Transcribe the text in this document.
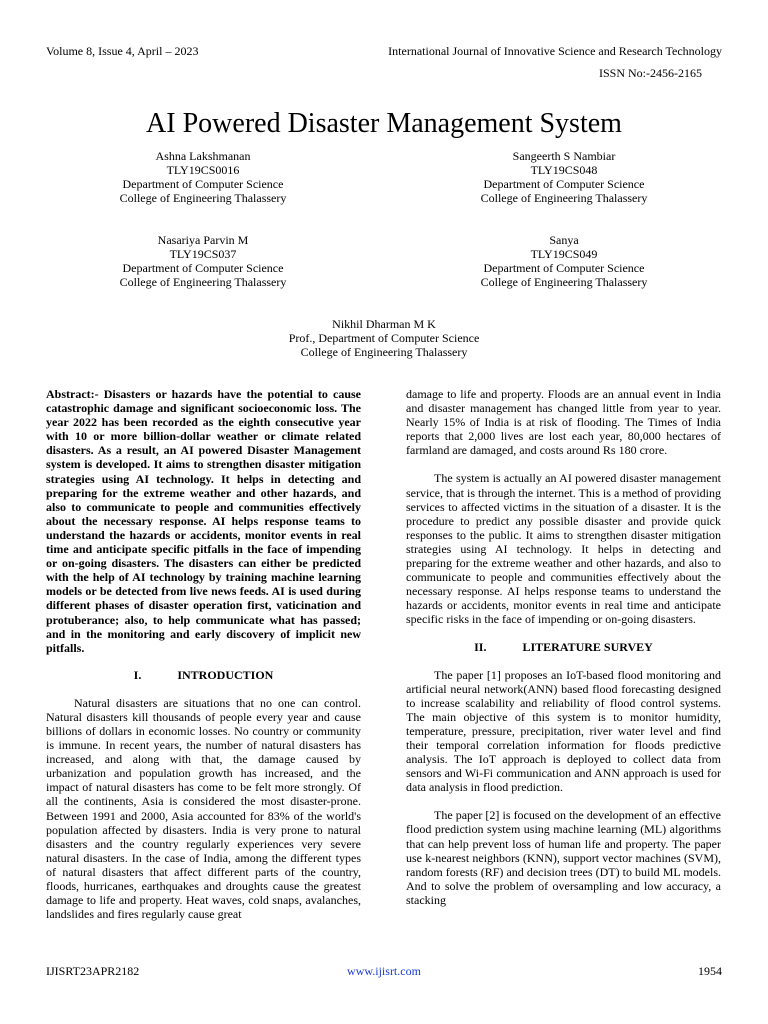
Volume 8, Issue 4, April – 2023	International Journal of Innovative Science and Research Technology
ISSN No:-2456-2165
AI Powered Disaster Management System
Ashna Lakshmanan
TLY19CS0016
Department of Computer Science
College of Engineering Thalassery
Sangeerth S Nambiar
TLY19CS048
Department of Computer Science
College of Engineering Thalassery
Nasariya Parvin M
TLY19CS037
Department of Computer Science
College of Engineering Thalassery
Sanya
TLY19CS049
Department of Computer Science
College of Engineering Thalassery
Nikhil Dharman M K
Prof., Department of Computer Science
College of Engineering Thalassery

Abstract:- Disasters or hazards have the potential to cause catastrophic damage and significant socioeconomic loss. The year 2022 has been recorded as the eighth consecutive year with 10 or more billion-dollar weather or climate related disasters. As a result, an AI powered Disaster Management system is developed. It aims to strengthen disaster mitigation strategies using AI technology. It helps in detecting and preparing for the extreme weather and other hazards, and also to communicate to people and communities effectively about the necessary response. AI helps response teams to understand the hazards or accidents, monitor events in real time and anticipate specific pitfalls in the face of impending or on-going disasters. The disasters can either be predicted with the help of AI technology by training machine learning models or be detected from live news feeds. AI is used during different phases of disaster operation first, vaticination and protuberance; also, to help communicate what has passed; and in the monitoring and early discovery of implicit new pitfalls.

I.	INTRODUCTION

Natural disasters are situations that no one can control. Natural disasters kill thousands of people every year and cause billions of dollars in economic losses. No country or community is immune. In recent years, the number of natural disasters has increased, and along with that, the damage caused by urbanization and population growth has increased, and the impact of natural disasters has come to be felt more strongly. Of all the continents, Asia is considered the most disaster-prone. Between 1991 and 2000, Asia accounted for 83% of the world's population affected by disasters. India is very prone to natural disasters and the country regularly experiences very severe natural disasters. In the case of India, among the different types of natural disasters that affect different parts of the country, floods, hurricanes, earthquakes and droughts cause the greatest damage to life and property. Heat waves, cold snaps, avalanches, landslides and fires regularly cause great

damage to life and property. Floods are an annual event in India and disaster management has changed little from year to year. Nearly 15% of India is at risk of flooding. The Times of India reports that 2,000 lives are lost each year, 80,000 hectares of farmland are damaged, and costs around Rs 180 crore.

The system is actually an AI powered disaster management service, that is through the internet. This is a method of providing services to affected victims in the situation of a disaster. It is the procedure to predict any possible disaster and provide quick responses to the public. It aims to strengthen disaster mitigation strategies using AI technology. It helps in detecting and preparing for the extreme weather and other hazards, and also to communicate to people and communities effectively about the necessary response. AI helps response teams to understand the hazards or accidents, monitor events in real time and anticipate specific risks in the face of impending or on-going disasters.

II.	LITERATURE SURVEY

The paper [1] proposes an IoT-based flood monitoring and artificial neural network(ANN) based flood forecasting designed to increase scalability and reliability of flood control systems. The main objective of this system is to monitor humidity, temperature, pressure, precipitation, river water level and find their temporal correlation information for floods predictive analysis. The IoT approach is deployed to collect data from sensors and Wi-Fi communication and ANN approach is used for data analysis in flood prediction.

The paper [2] is focused on the development of an effective flood prediction system using machine learning (ML) algorithms that can help prevent loss of human life and property. The paper use k-nearest neighbors (KNN), support vector machines (SVM), random forests (RF) and decision trees (DT) to build ML models. And to solve the problem of oversampling and low accuracy, a stacking

IJISRT23APR2182	www.ijisrt.com	1954
